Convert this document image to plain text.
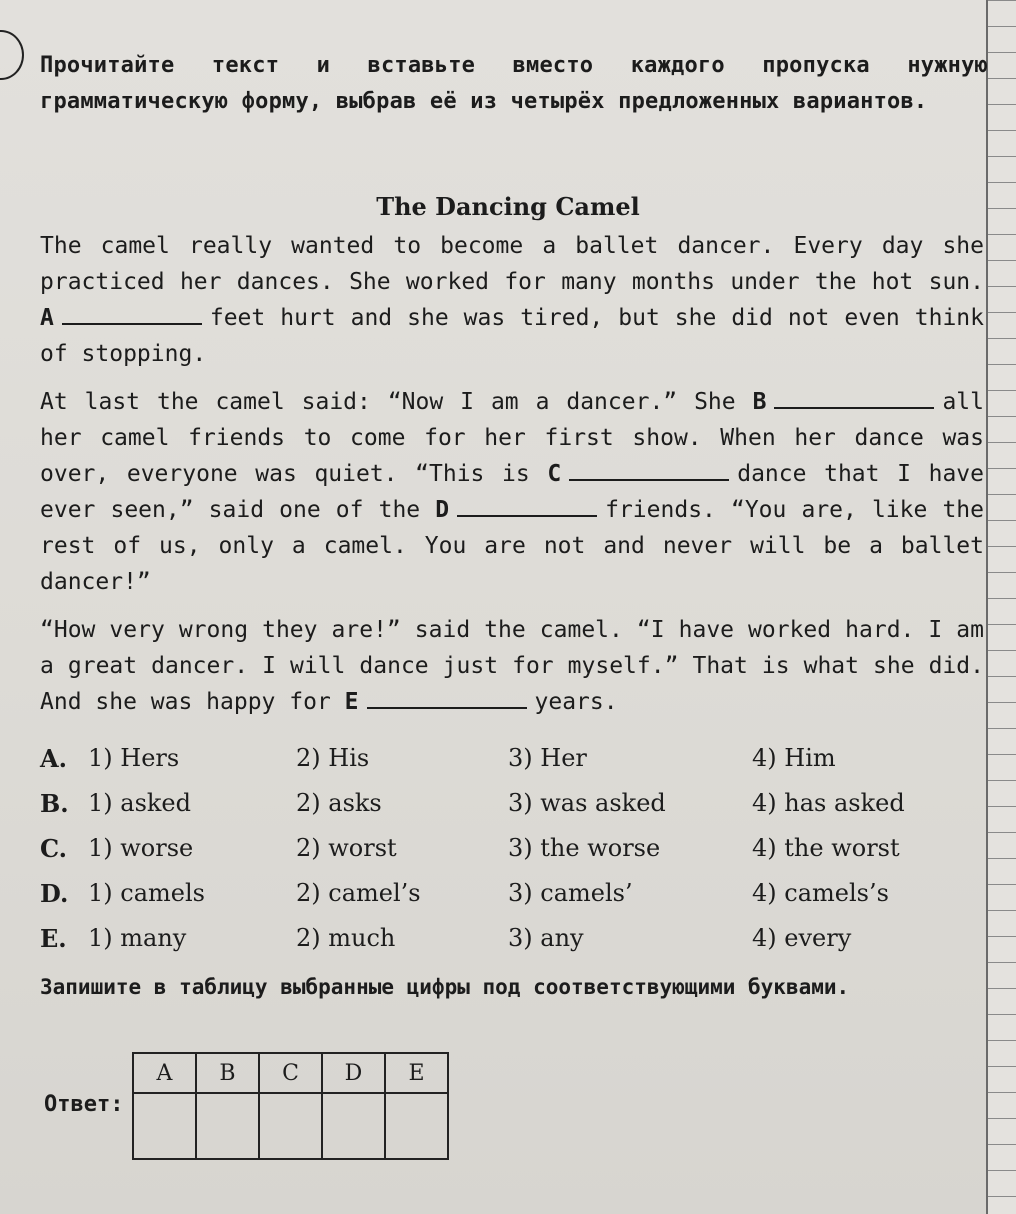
Прочитайте текст и вставьте вместо каждого пропуска нужную грамматическую форму, выбрав её из четырёх предложенных вариантов.
The Dancing Camel

The camel really wanted to become a ballet dancer. Every day she practiced her dances. She worked for many months under the hot sun. A	feet hurt and she was tired, but she did not even think of stopping.

At last the camel said: “Now I am a dancer.” She B	all her camel friends to come for her first show. When her dance was over, everyone was quiet. “This is C	dance that I have ever seen,” said one of the D	friends. “You are, like the rest of us, only a camel. You are not and never will be a ballet dancer!”

“How very wrong they are!” said the camel. “I have worked hard. I am a great dancer. I will dance just for myself.” That is what she did. And she was happy for E	years.

A. 1) Hers	2) His	3) Her	4) Him
B. 1) asked	2) asks	3) was asked	4) has asked
C. 1) worse	2) worst	3) the worse	4) the worst
D. 1) camels	2) camel’s	3) camels’	4) camels’s
E. 1) many	2) much	3) any	4) every
Запишите в таблицу выбранные цифры под соответствующими буквами.
Ответ:
A	B	C	D	E
